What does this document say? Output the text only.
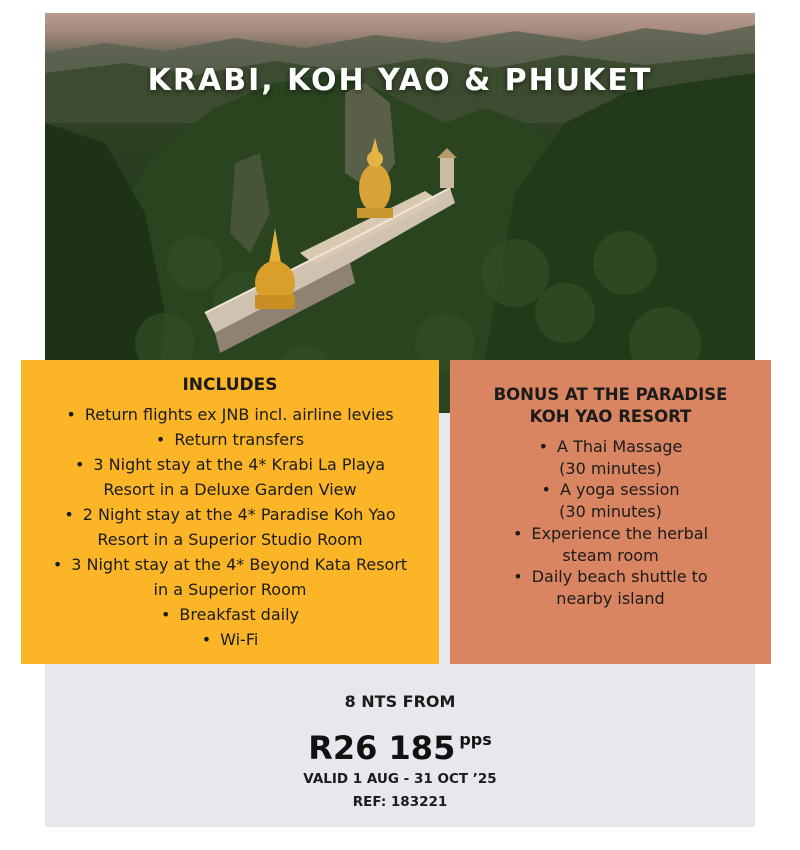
KRABI, KOH YAO & PHUKET
INCLUDES
• Return flights ex JNB incl. airline levies
• Return transfers
• 3 Night stay at the 4* Krabi La Playa
Resort in a Deluxe Garden View
• 2 Night stay at the 4* Paradise Koh Yao
Resort in a Superior Studio Room
• 3 Night stay at the 4* Beyond Kata Resort
in a Superior Room
• Breakfast daily
• Wi-Fi
BONUS AT THE PARADISE
KOH YAO RESORT
• A Thai Massage
(30 minutes)
• A yoga session
(30 minutes)
• Experience the herbal
steam room
• Daily beach shuttle to
nearby island
8 NTS FROM
R26 185 $^{pps}$
VALID 1 AUG - 31 OCT ’25
REF: 183221
